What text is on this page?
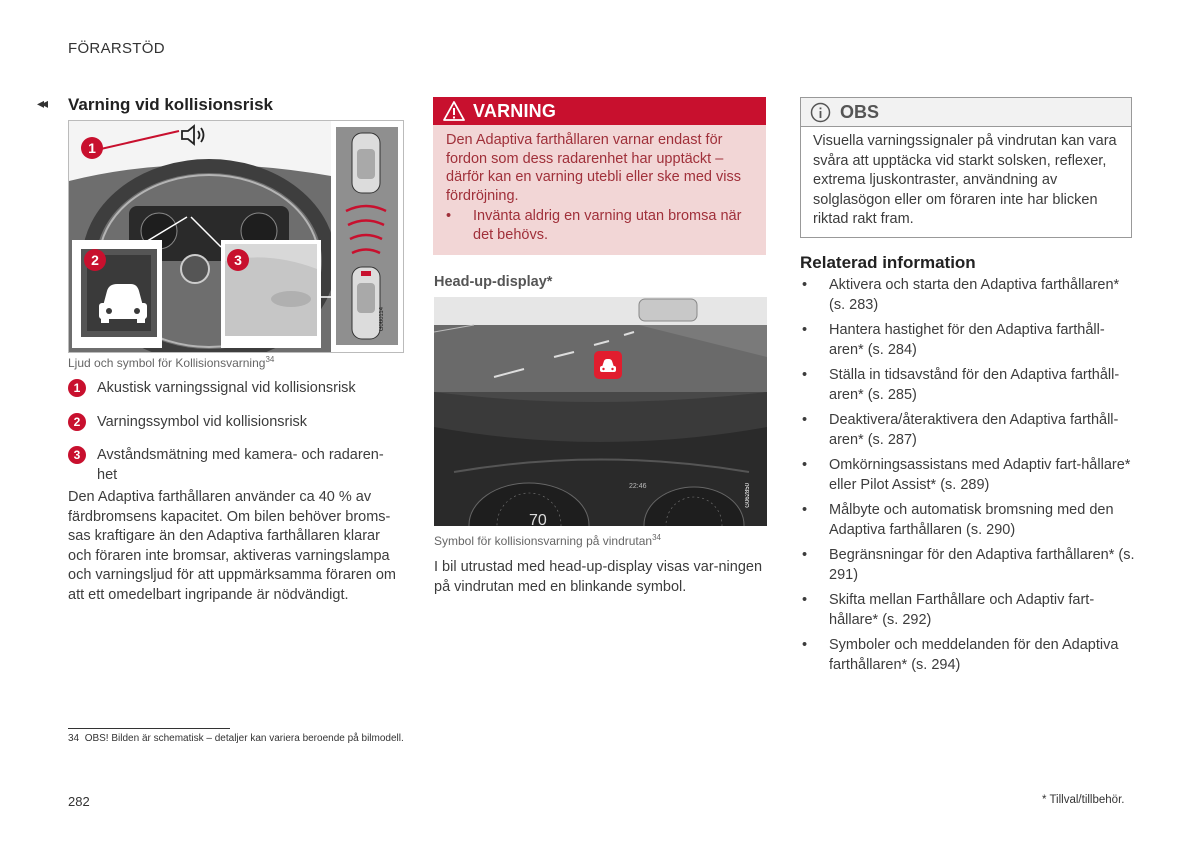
FÖRARSTÖD
◂◂ Varning vid kollisionsrisk
1
2	3
G060114
Ljud och symbol för Kollisionsvarning$^{34}$
1	Akustisk varningssignal vid kollisionsrisk
2	Varningssymbol vid kollisionsrisk
3	Avståndsmätning med kamera- och radaren-het
Den Adaptiva farthållaren använder ca 40 % av färdbromsens kapacitet. Om bilen behöver broms-sas kraftigare än den Adaptiva farthållaren klarar och föraren inte bromsar, aktiveras varningslampa och varningsljud för att uppmärksamma föraren om att ett omedelbart ingripande är nödvändigt.
VARNING
Den Adaptiva farthållaren varnar endast för fordon som dess radarenhet har upptäckt – därför kan en varning utebli eller ske med viss fördröjning.
• Invänta aldrig en varning utan bromsa när det behövs.
Head-up-display*
70
22:46	G062850
Symbol för kollisionsvarning på vindrutan$^{34}$
I bil utrustad med head-up-display visas var-ningen på vindrutan med en blinkande symbol.
OBS
Visuella varningssignaler på vindrutan kan vara svåra att upptäcka vid starkt solsken, reflexer, extrema ljuskontraster, användning av solglasögon eller om föraren inte har blicken riktad rakt fram.
Relaterad information
• Aktivera och starta den Adaptiva farthållaren* (s. 283)
• Hantera hastighet för den Adaptiva farthåll-aren* (s. 284)
• Ställa in tidsavstånd för den Adaptiva farthåll-aren* (s. 285)
• Deaktivera/återaktivera den Adaptiva farthåll-aren* (s. 287)
• Omkörningsassistans med Adaptiv fart-hållare* eller Pilot Assist* (s. 289)
• Målbyte och automatisk bromsning med den Adaptiva farthållaren (s. 290)
• Begränsningar för den Adaptiva farthållaren* (s. 291)
• Skifta mellan Farthållare och Adaptiv fart-hållare* (s. 292)
• Symboler och meddelanden för den Adaptiva farthållaren* (s. 294)
34 OBS! Bilden är schematisk – detaljer kan variera beroende på bilmodell.
282	* Tillval/tillbehör.
